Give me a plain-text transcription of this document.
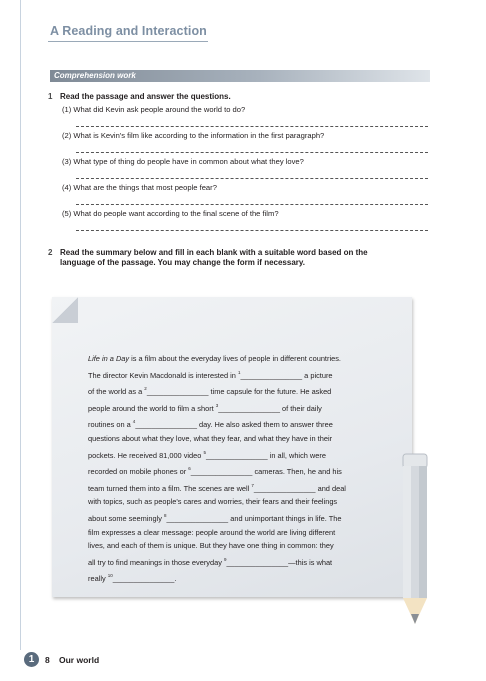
A Reading and Interaction
Comprehension work
1 Read the passage and answer the questions.
(1) What did Kevin ask people around the world to do?
(2) What is Kevin's film like according to the information in the first paragraph?
(3) What type of thing do people have in common about what they love?
(4) What are the things that most people fear?
(5) What do people want according to the final scene of the film?
2 Read the summary below and fill in each blank with a suitable word based on the
language of the passage. You may change the form if necessary.
Life in a Day is a film about the everyday lives of people in different countries.
The director Kevin Macdonald is interested in $^1$_______________ a picture
of the world as a $^2$_______________ time capsule for the future. He asked
people around the world to film a short $^3$_______________ of their daily
routines on a $^4$_______________ day. He also asked them to answer three
questions about what they love, what they fear, and what they have in their
pockets. He received 81,000 video $^5$_______________ in all, which were
recorded on mobile phones or $^6$_______________ cameras. Then, he and his
team turned them into a film. The scenes are well $^7$_______________ and deal
with topics, such as people's cares and worries, their fears and their feelings
about some seemingly $^8$_______________ and unimportant things in life. The
film expresses a clear message: people around the world are living different
lives, and each of them is unique. But they have one thing in common: they
all try to find meanings in those everyday $^9$_______________—this is what
really $^{10}$_______________.
1	8 Our world
